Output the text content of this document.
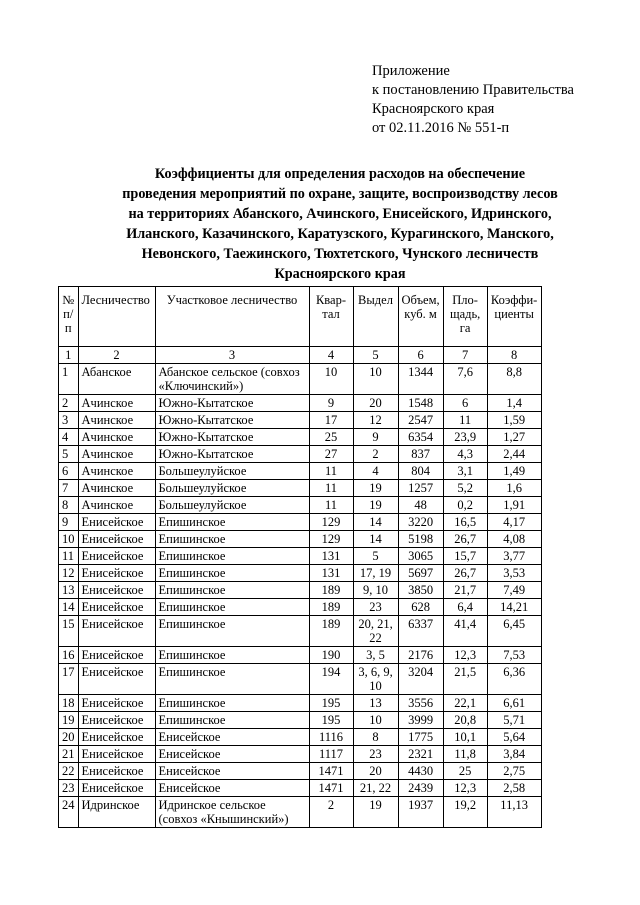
Приложение
к постановлению Правительства
Красноярского края
от 02.11.2016 № 551-п
Коэффициенты для определения расходов на обеспечение
проведения мероприятий по охране, защите, воспроизводству лесов
на территориях Абанского, Ачинского, Енисейского, Идринского,
Иланского, Казачинского, Каратузского, Курагинского, Манского,
Невонского, Таежинского, Тюхтетского, Чунского лесничеств
Красноярского края
№ п/п	Лесничество	Участковое лесничество	Квар-тал	Выдел	Объем, куб. м	Пло-щадь, га	Коэффи-циенты
1	2	3	4	5	6	7	8
1	Абанское	Абанское сельское (совхоз «Ключинский»)	10	10	1344	7,6	8,8
2	Ачинское	Южно-Кытатское	9	20	1548	6	1,4
3	Ачинское	Южно-Кытатское	17	12	2547	11	1,59
4	Ачинское	Южно-Кытатское	25	9	6354	23,9	1,27
5	Ачинское	Южно-Кытатское	27	2	837	4,3	2,44
6	Ачинское	Большеулуйское	11	4	804	3,1	1,49
7	Ачинское	Большеулуйское	11	19	1257	5,2	1,6
8	Ачинское	Большеулуйское	11	19	48	0,2	1,91
9	Енисейское	Епишинское	129	14	3220	16,5	4,17
10	Енисейское	Епишинское	129	14	5198	26,7	4,08
11	Енисейское	Епишинское	131	5	3065	15,7	3,77
12	Енисейское	Епишинское	131	17, 19	5697	26,7	3,53
13	Енисейское	Епишинское	189	9, 10	3850	21,7	7,49
14	Енисейское	Епишинское	189	23	628	6,4	14,21
15	Енисейское	Епишинское	189	20, 21, 22	6337	41,4	6,45
16	Енисейское	Епишинское	190	3, 5	2176	12,3	7,53
17	Енисейское	Епишинское	194	3, 6, 9, 10	3204	21,5	6,36
18	Енисейское	Епишинское	195	13	3556	22,1	6,61
19	Енисейское	Епишинское	195	10	3999	20,8	5,71
20	Енисейское	Енисейское	1116	8	1775	10,1	5,64
21	Енисейское	Енисейское	1117	23	2321	11,8	3,84
22	Енисейское	Енисейское	1471	20	4430	25	2,75
23	Енисейское	Енисейское	1471	21, 22	2439	12,3	2,58
24	Идринское	Идринское сельское (совхоз «Кнышинский»)	2	19	1937	19,2	11,13
